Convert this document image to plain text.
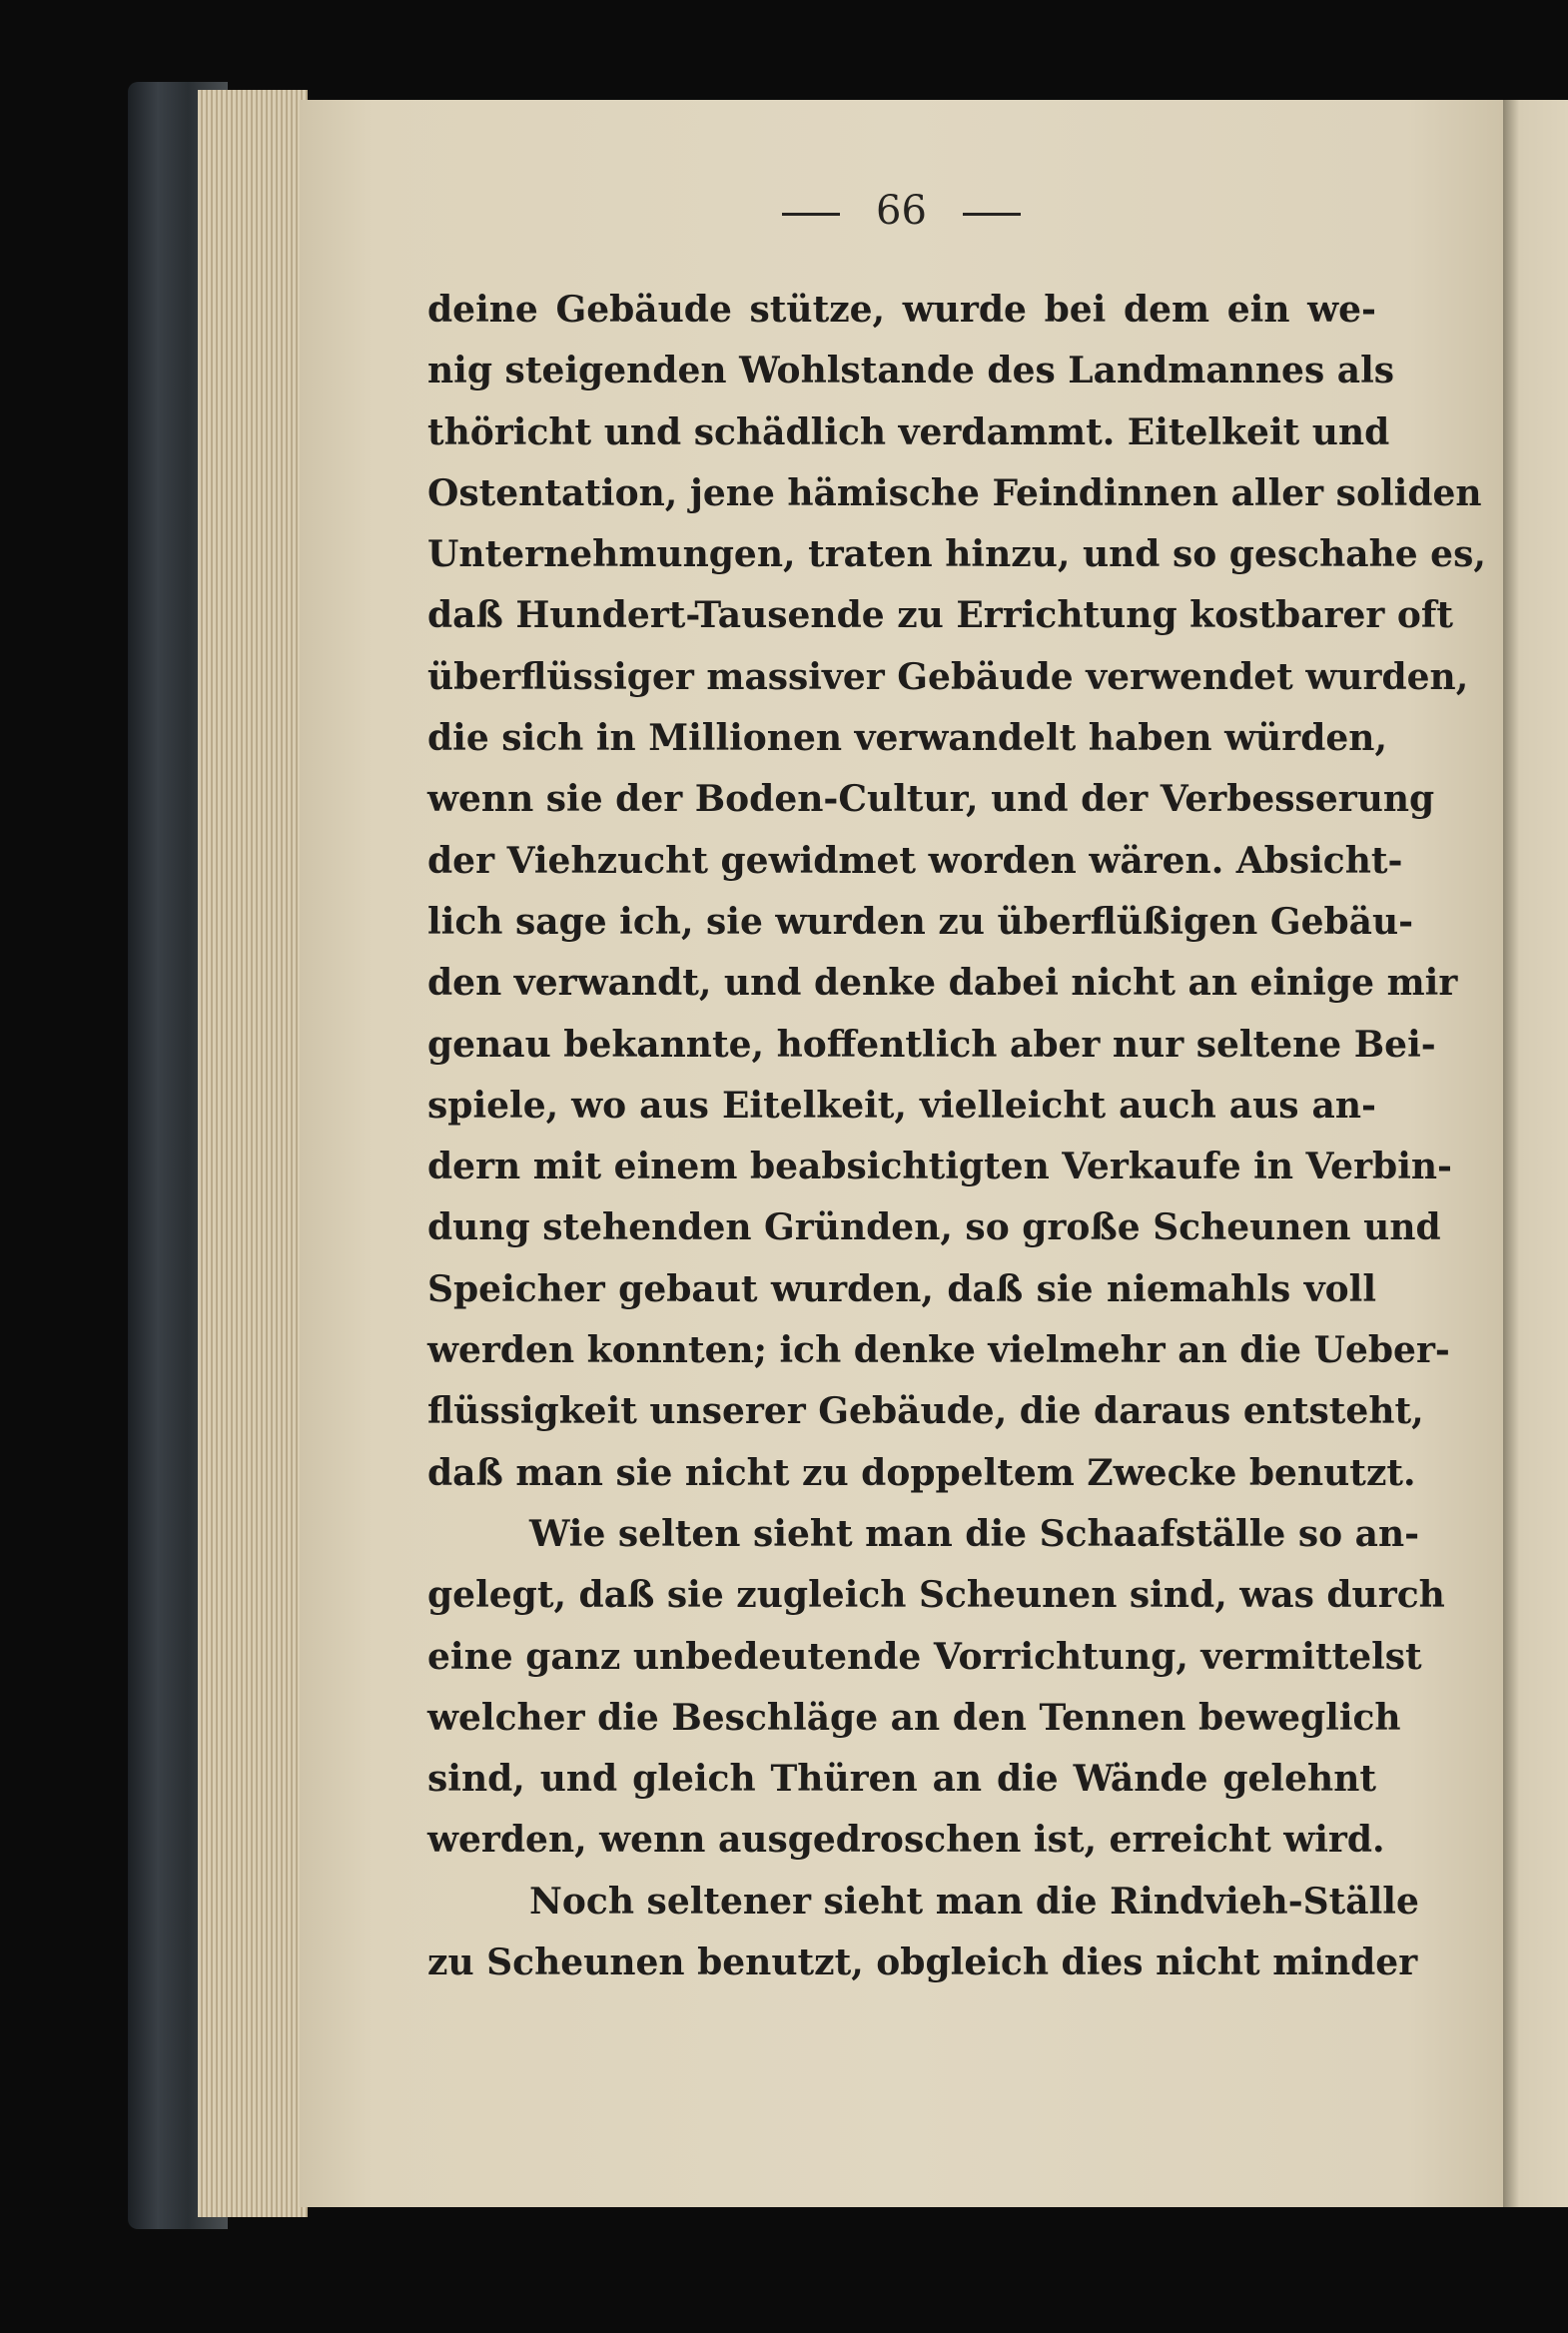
66
deine Gebäude stütze, wurde bei dem ein we-
nig steigenden Wohlstande des Landmannes als
thöricht und schädlich verdammt. Eitelkeit und
Ostentation, jene hämische Feindinnen aller soliden
Unternehmungen, traten hinzu, und so geschahe es,
daß Hundert-Tausende zu Errichtung kostbarer oft
überflüssiger massiver Gebäude verwendet wurden,
die sich in Millionen verwandelt haben würden,
wenn sie der Boden-Cultur, und der Verbesserung
der Viehzucht gewidmet worden wären. Absicht-
lich sage ich, sie wurden zu überflüßigen Gebäu-
den verwandt, und denke dabei nicht an einige mir
genau bekannte, hoffentlich aber nur seltene Bei-
spiele, wo aus Eitelkeit, vielleicht auch aus an-
dern mit einem beabsichtigten Verkaufe in Verbin-
dung stehenden Gründen, so große Scheunen und
Speicher gebaut wurden, daß sie niemahls voll
werden konnten; ich denke vielmehr an die Ueber-
flüssigkeit unserer Gebäude, die daraus entsteht,
daß man sie nicht zu doppeltem Zwecke benutzt.
Wie selten sieht man die Schaafställe so an-
gelegt, daß sie zugleich Scheunen sind, was durch
eine ganz unbedeutende Vorrichtung, vermittelst
welcher die Beschläge an den Tennen beweglich
sind, und gleich Thüren an die Wände gelehnt
werden, wenn ausgedroschen ist, erreicht wird.
Noch seltener sieht man die Rindvieh-Ställe
zu Scheunen benutzt, obgleich dies nicht minder
